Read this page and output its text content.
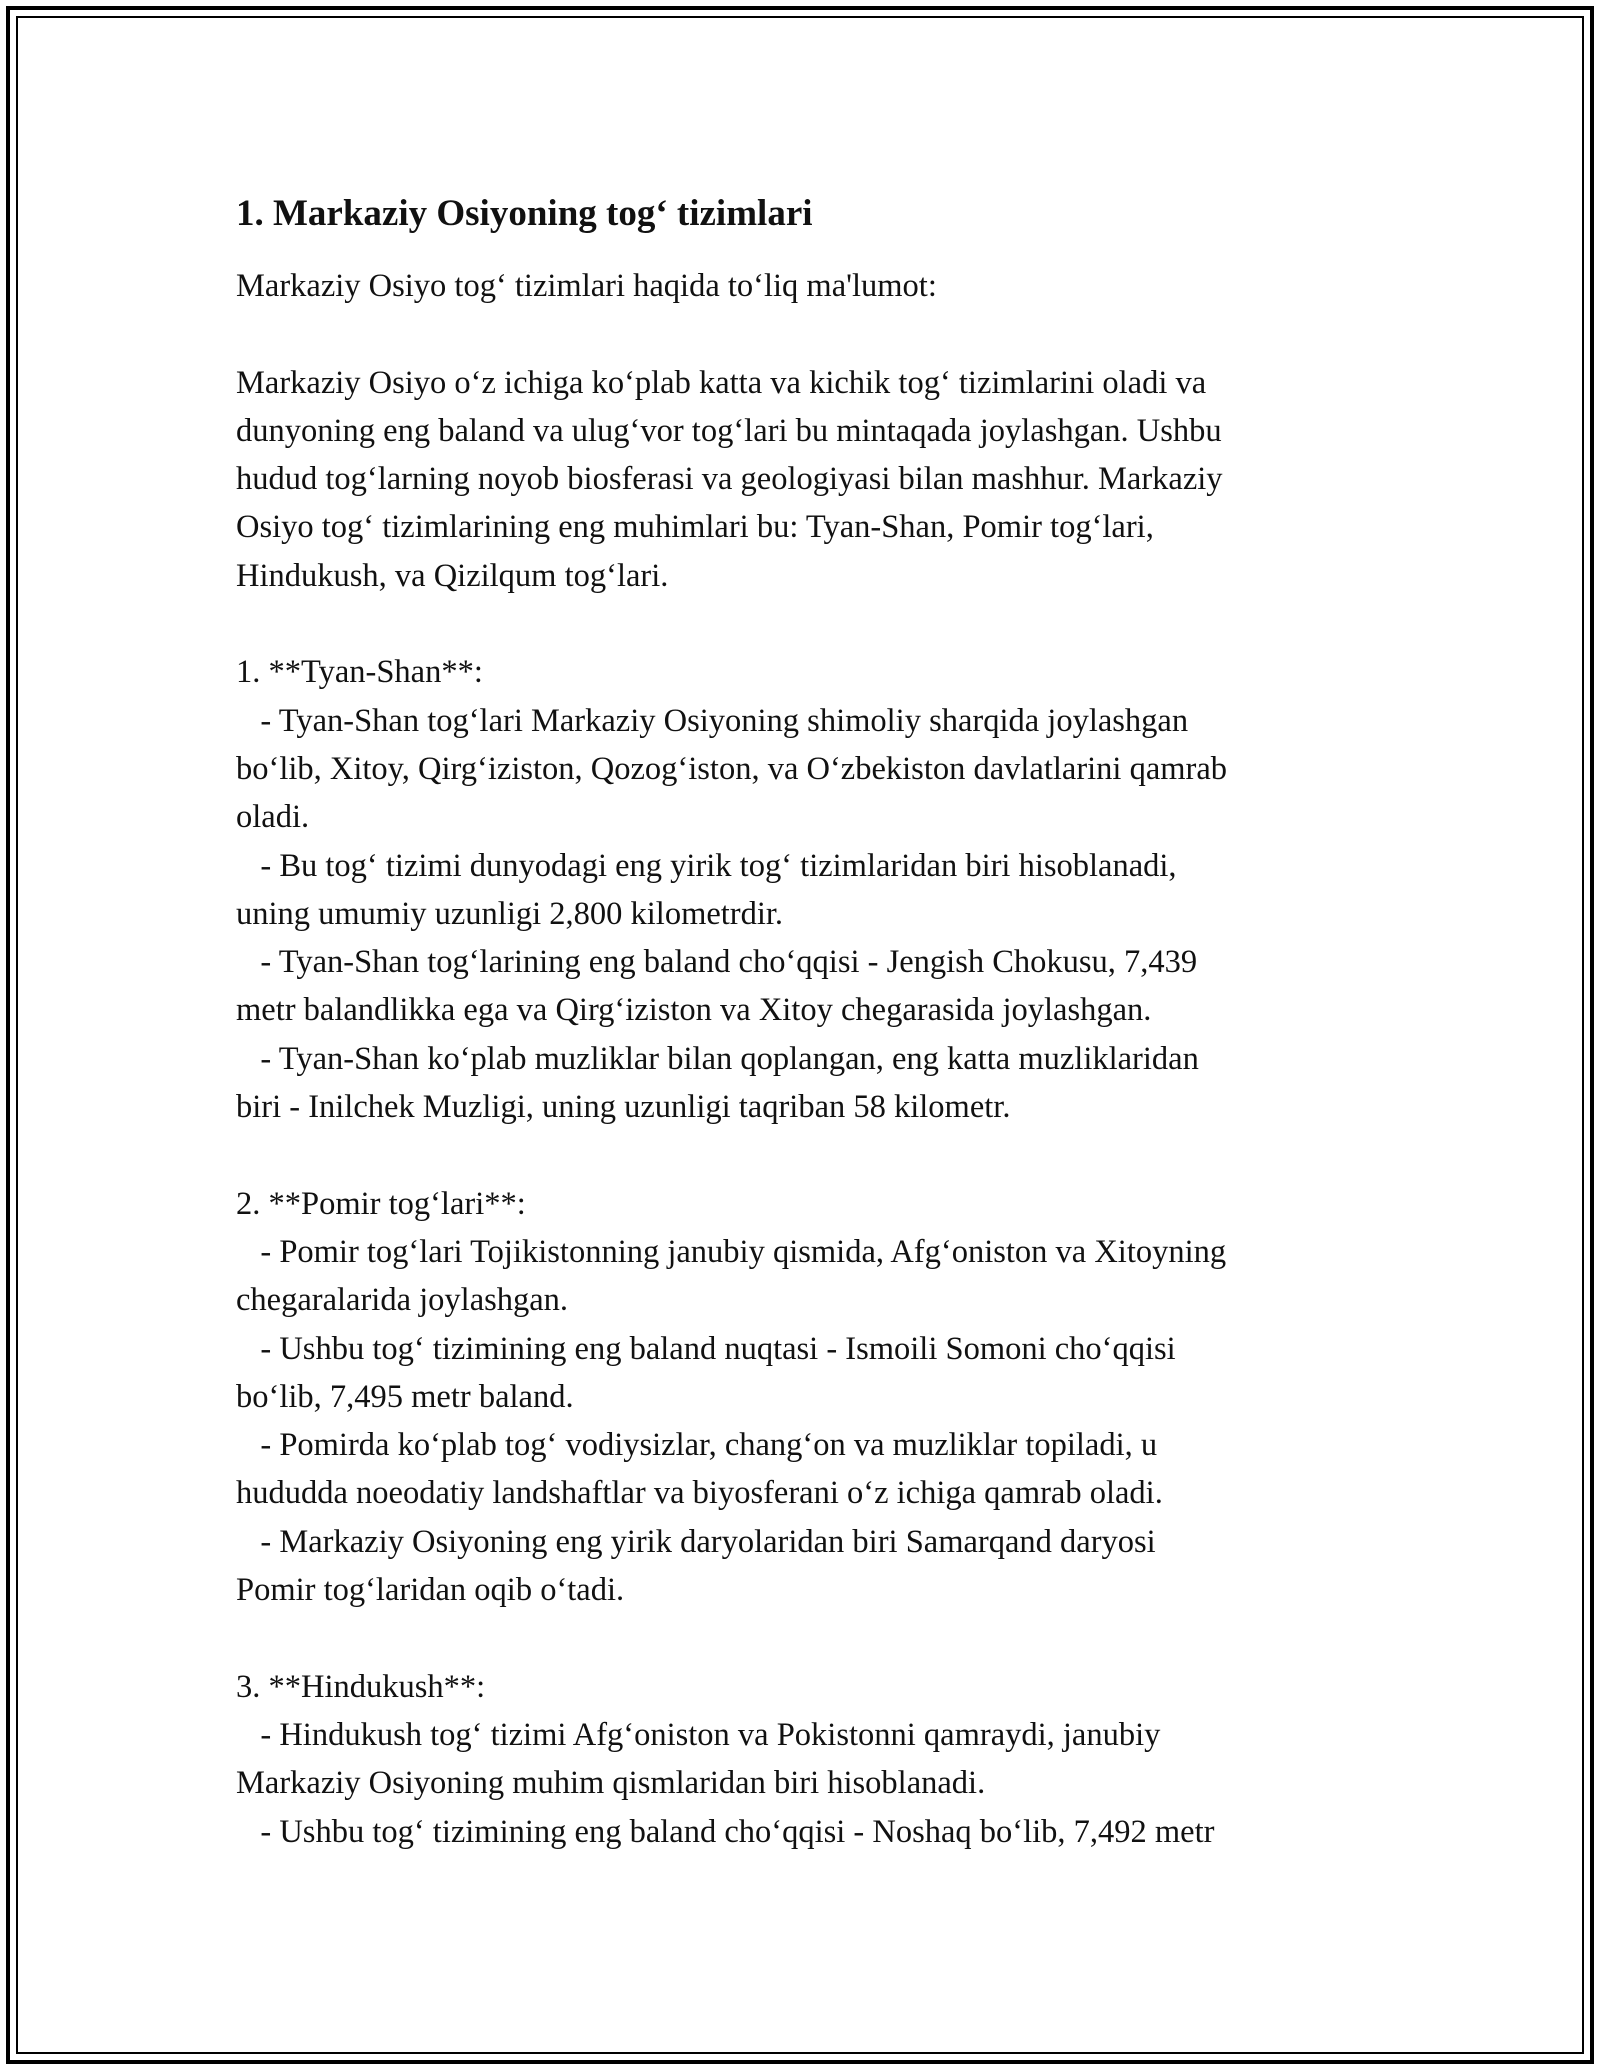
1. Markaziy Osiyoning tog‘ tizimlari
Markaziy Osiyo tog‘ tizimlari haqida to‘liq ma'lumot:
Markaziy Osiyo o‘z ichiga ko‘plab katta va kichik tog‘ tizimlarini oladi va
dunyoning eng baland va ulug‘vor tog‘lari bu mintaqada joylashgan. Ushbu
hudud tog‘larning noyob biosferasi va geologiyasi bilan mashhur. Markaziy
Osiyo tog‘ tizimlarining eng muhimlari bu: Tyan-Shan, Pomir tog‘lari,
Hindukush, va Qizilqum tog‘lari.
1. **Tyan-Shan**:
- Tyan-Shan tog‘lari Markaziy Osiyoning shimoliy sharqida joylashgan
bo‘lib, Xitoy, Qirg‘iziston, Qozog‘iston, va O‘zbekiston davlatlarini qamrab
oladi.
- Bu tog‘ tizimi dunyodagi eng yirik tog‘ tizimlaridan biri hisoblanadi,
uning umumiy uzunligi 2,800 kilometrdir.
- Tyan-Shan tog‘larining eng baland cho‘qqisi - Jengish Chokusu, 7,439
metr balandlikka ega va Qirg‘iziston va Xitoy chegarasida joylashgan.
- Tyan-Shan ko‘plab muzliklar bilan qoplangan, eng katta muzliklaridan
biri - Inilchek Muzligi, uning uzunligi taqriban 58 kilometr.
2. **Pomir tog‘lari**:
- Pomir tog‘lari Tojikistonning janubiy qismida, Afg‘oniston va Xitoyning
chegaralarida joylashgan.
- Ushbu tog‘ tizimining eng baland nuqtasi - Ismoili Somoni cho‘qqisi
bo‘lib, 7,495 metr baland.
- Pomirda ko‘plab tog‘ vodiysizlar, chang‘on va muzliklar topiladi, u
hududda noeodatiy landshaftlar va biyosferani o‘z ichiga qamrab oladi.
- Markaziy Osiyoning eng yirik daryolaridan biri Samarqand daryosi
Pomir tog‘laridan oqib o‘tadi.
3. **Hindukush**:
- Hindukush tog‘ tizimi Afg‘oniston va Pokistonni qamraydi, janubiy
Markaziy Osiyoning muhim qismlaridan biri hisoblanadi.
- Ushbu tog‘ tizimining eng baland cho‘qqisi - Noshaq bo‘lib, 7,492 metr
